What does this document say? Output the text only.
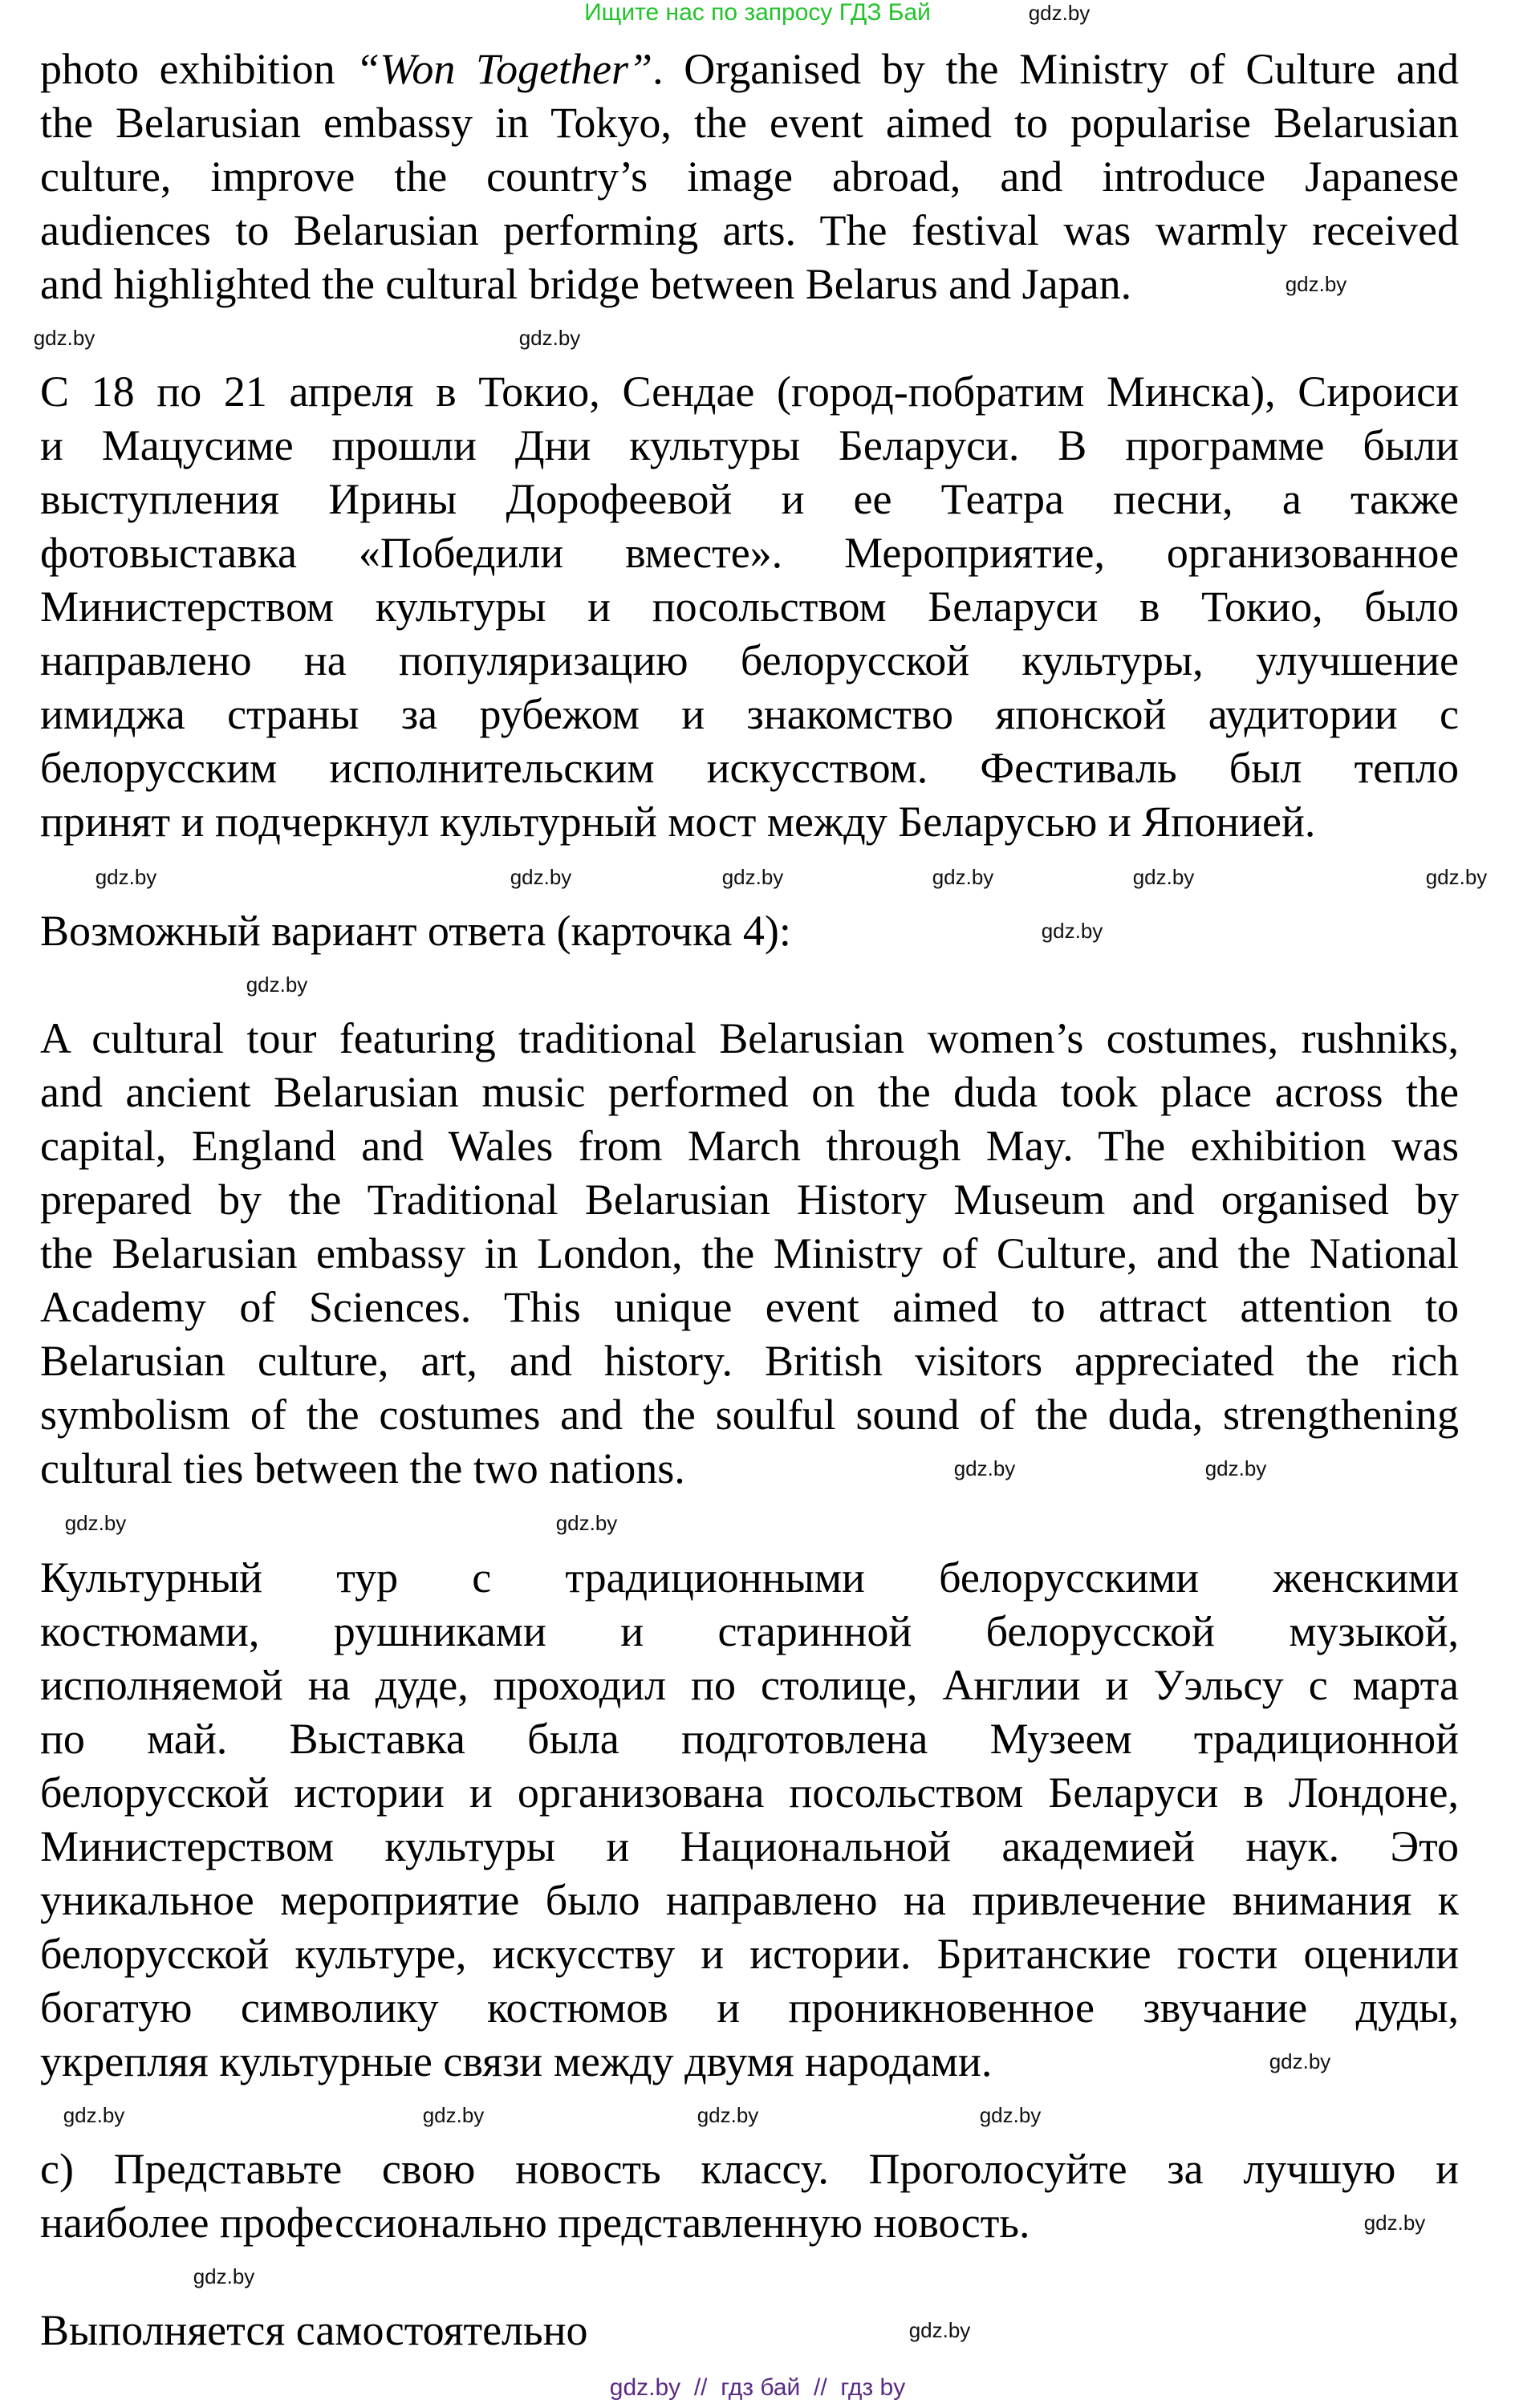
Ищите нас по запросу ГДЗ Бай
photo exhibition “Won Together”. Organised by the Ministry of Culture and
the Belarusian embassy in Tokyo, the event aimed to popularise Belarusian
culture, improve the country’s image abroad, and introduce Japanese
audiences to Belarusian performing arts. The festival was warmly received
and highlighted the cultural bridge between Belarus and Japan.
С 18 по 21 апреля в Токио, Сендае (город-побратим Минска), Сироиси
и Мацусиме прошли Дни культуры Беларуси. В программе были
выступления Ирины Дорофеевой и ее Театра песни, а также
фотовыставка «Победили вместе». Мероприятие, организованное
Министерством культуры и посольством Беларуси в Токио, было
направлено на популяризацию белорусской культуры, улучшение
имиджа страны за рубежом и знакомство японской аудитории с
белорусским исполнительским искусством. Фестиваль был тепло
принят и подчеркнул культурный мост между Беларусью и Японией.
Возможный вариант ответа (карточка 4):
A cultural tour featuring traditional Belarusian women’s costumes, rushniks,
and ancient Belarusian music performed on the duda took place across the
capital, England and Wales from March through May. The exhibition was
prepared by the Traditional Belarusian History Museum and organised by
the Belarusian embassy in London, the Ministry of Culture, and the National
Academy of Sciences. This unique event aimed to attract attention to
Belarusian culture, art, and history. British visitors appreciated the rich
symbolism of the costumes and the soulful sound of the duda, strengthening
cultural ties between the two nations.
Культурный тур с традиционными белорусскими женскими
костюмами, рушниками и старинной белорусской музыкой,
исполняемой на дуде, проходил по столице, Англии и Уэльсу с марта
по май. Выставка была подготовлена Музеем традиционной
белорусской истории и организована посольством Беларуси в Лондоне,
Министерством культуры и Национальной академией наук. Это
уникальное мероприятие было направлено на привлечение внимания к
белорусской культуре, искусству и истории. Британские гости оценили
богатую символику костюмов и проникновенное звучание дуды,
укрепляя культурные связи между двумя народами.
c) Представьте свою новость классу. Проголосуйте за лучшую и
наиболее профессионально представленную новость.
Выполняется самостоятельно
gdz.by  //  гдз бай  //  гдз by
gdz.by
gdz.by
gdz.by
gdz.by
gdz.by	gdz.by	gdz.by	gdz.by	gdz.by	gdz.by
gdz.by
gdz.by
gdz.by	gdz.by
gdz.by	gdz.by
gdz.by
gdz.by	gdz.by	gdz.by	gdz.by
gdz.by
gdz.by
gdz.by
